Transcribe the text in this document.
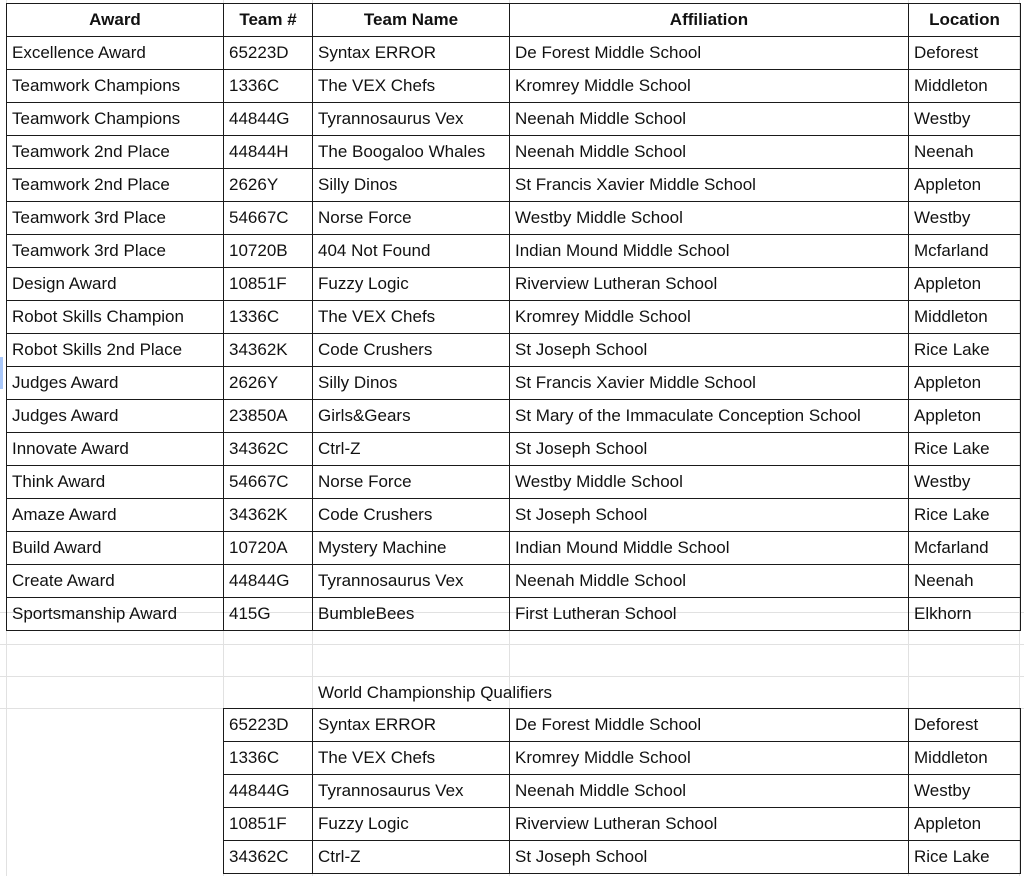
Award	Team #	Team Name	Affiliation	Location
Excellence Award	65223D	Syntax ERROR	De Forest Middle School	Deforest
Teamwork Champions	1336C	The VEX Chefs	Kromrey Middle School	Middleton
Teamwork Champions	44844G	Tyrannosaurus Vex	Neenah Middle School	Westby
Teamwork 2nd Place	44844H	The Boogaloo Whales	Neenah Middle School	Neenah
Teamwork 2nd Place	2626Y	Silly Dinos	St Francis Xavier Middle School	Appleton
Teamwork 3rd Place	54667C	Norse Force	Westby Middle School	Westby
Teamwork 3rd Place	10720B	404 Not Found	Indian Mound Middle School	Mcfarland
Design Award	10851F	Fuzzy Logic	Riverview Lutheran School	Appleton
Robot Skills Champion	1336C	The VEX Chefs	Kromrey Middle School	Middleton
Robot Skills 2nd Place	34362K	Code Crushers	St Joseph School	Rice Lake
Judges Award	2626Y	Silly Dinos	St Francis Xavier Middle School	Appleton
Judges Award	23850A	Girls&Gears	St Mary of the Immaculate Conception School	Appleton
Innovate Award	34362C	Ctrl-Z	St Joseph School	Rice Lake
Think Award	54667C	Norse Force	Westby Middle School	Westby
Amaze Award	34362K	Code Crushers	St Joseph School	Rice Lake
Build Award	10720A	Mystery Machine	Indian Mound Middle School	Mcfarland
Create Award	44844G	Tyrannosaurus Vex	Neenah Middle School	Neenah
Sportsmanship Award	415G	BumbleBees	First Lutheran School	Elkhorn
World Championship Qualifiers
65223D	Syntax ERROR	De Forest Middle School	Deforest
1336C	The VEX Chefs	Kromrey Middle School	Middleton
44844G	Tyrannosaurus Vex	Neenah Middle School	Westby
10851F	Fuzzy Logic	Riverview Lutheran School	Appleton
34362C	Ctrl-Z	St Joseph School	Rice Lake
